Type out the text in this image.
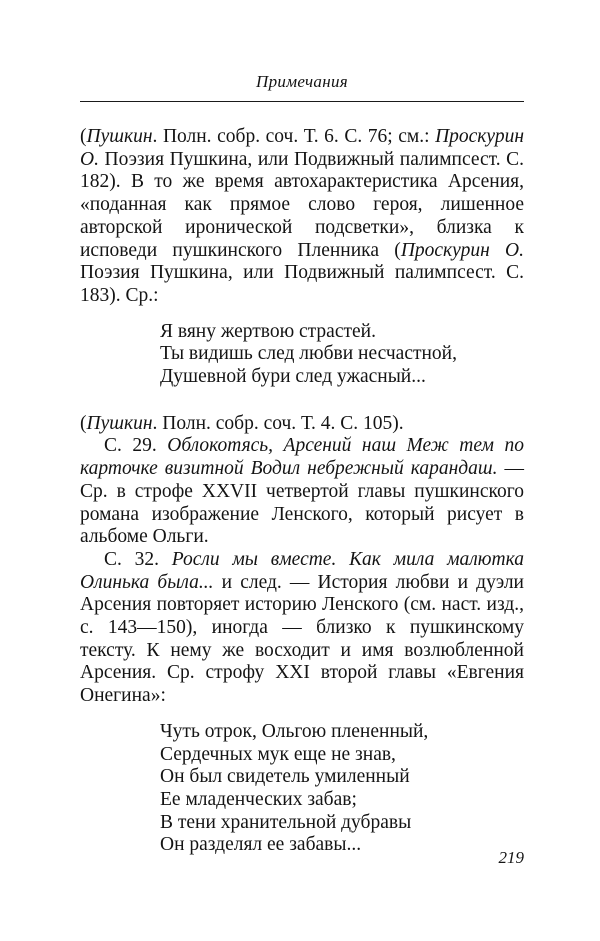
Примечания

(Пушкин. Полн. собр. соч. Т. 6. С. 76; см.: Проскурин О. Поэзия Пушкина, или Подвижный палимпсест. С. 182). В то же время автохарактеристика Арсения, «поданная как прямое слово героя, лишенное авторской иронической подсветки», близка к исповеди пушкинского Пленника (Проскурин О. Поэзия Пушкина, или Подвижный палимпсест. С. 183). Ср.:

Я вяну жертвою страстей.
Ты видишь след любви несчастной,
Душевной бури след ужасный...

(Пушкин. Полн. собр. соч. Т. 4. С. 105).

С. 29. Облокотясь, Арсений наш Меж тем по карточке визитной Водил небрежный карандаш. — Ср. в строфе XXVII четвертой главы пушкинского романа изображение Ленского, который рисует в альбоме Ольги.

С. 32. Росли мы вместе. Как мила малютка Олинька была... и след. — История любви и дуэли Арсения повторяет историю Ленского (см. наст. изд., с. 143—150), иногда — близко к пушкинскому тексту. К нему же восходит и имя возлюбленной Арсения. Ср. строфу XXI второй главы «Евгения Онегина»:

Чуть отрок, Ольгою плененный,
Сердечных мук еще не знав,
Он был свидетель умиленный
Ее младенческих забав;
В тени хранительной дубравы
Он разделял ее забавы...
219
